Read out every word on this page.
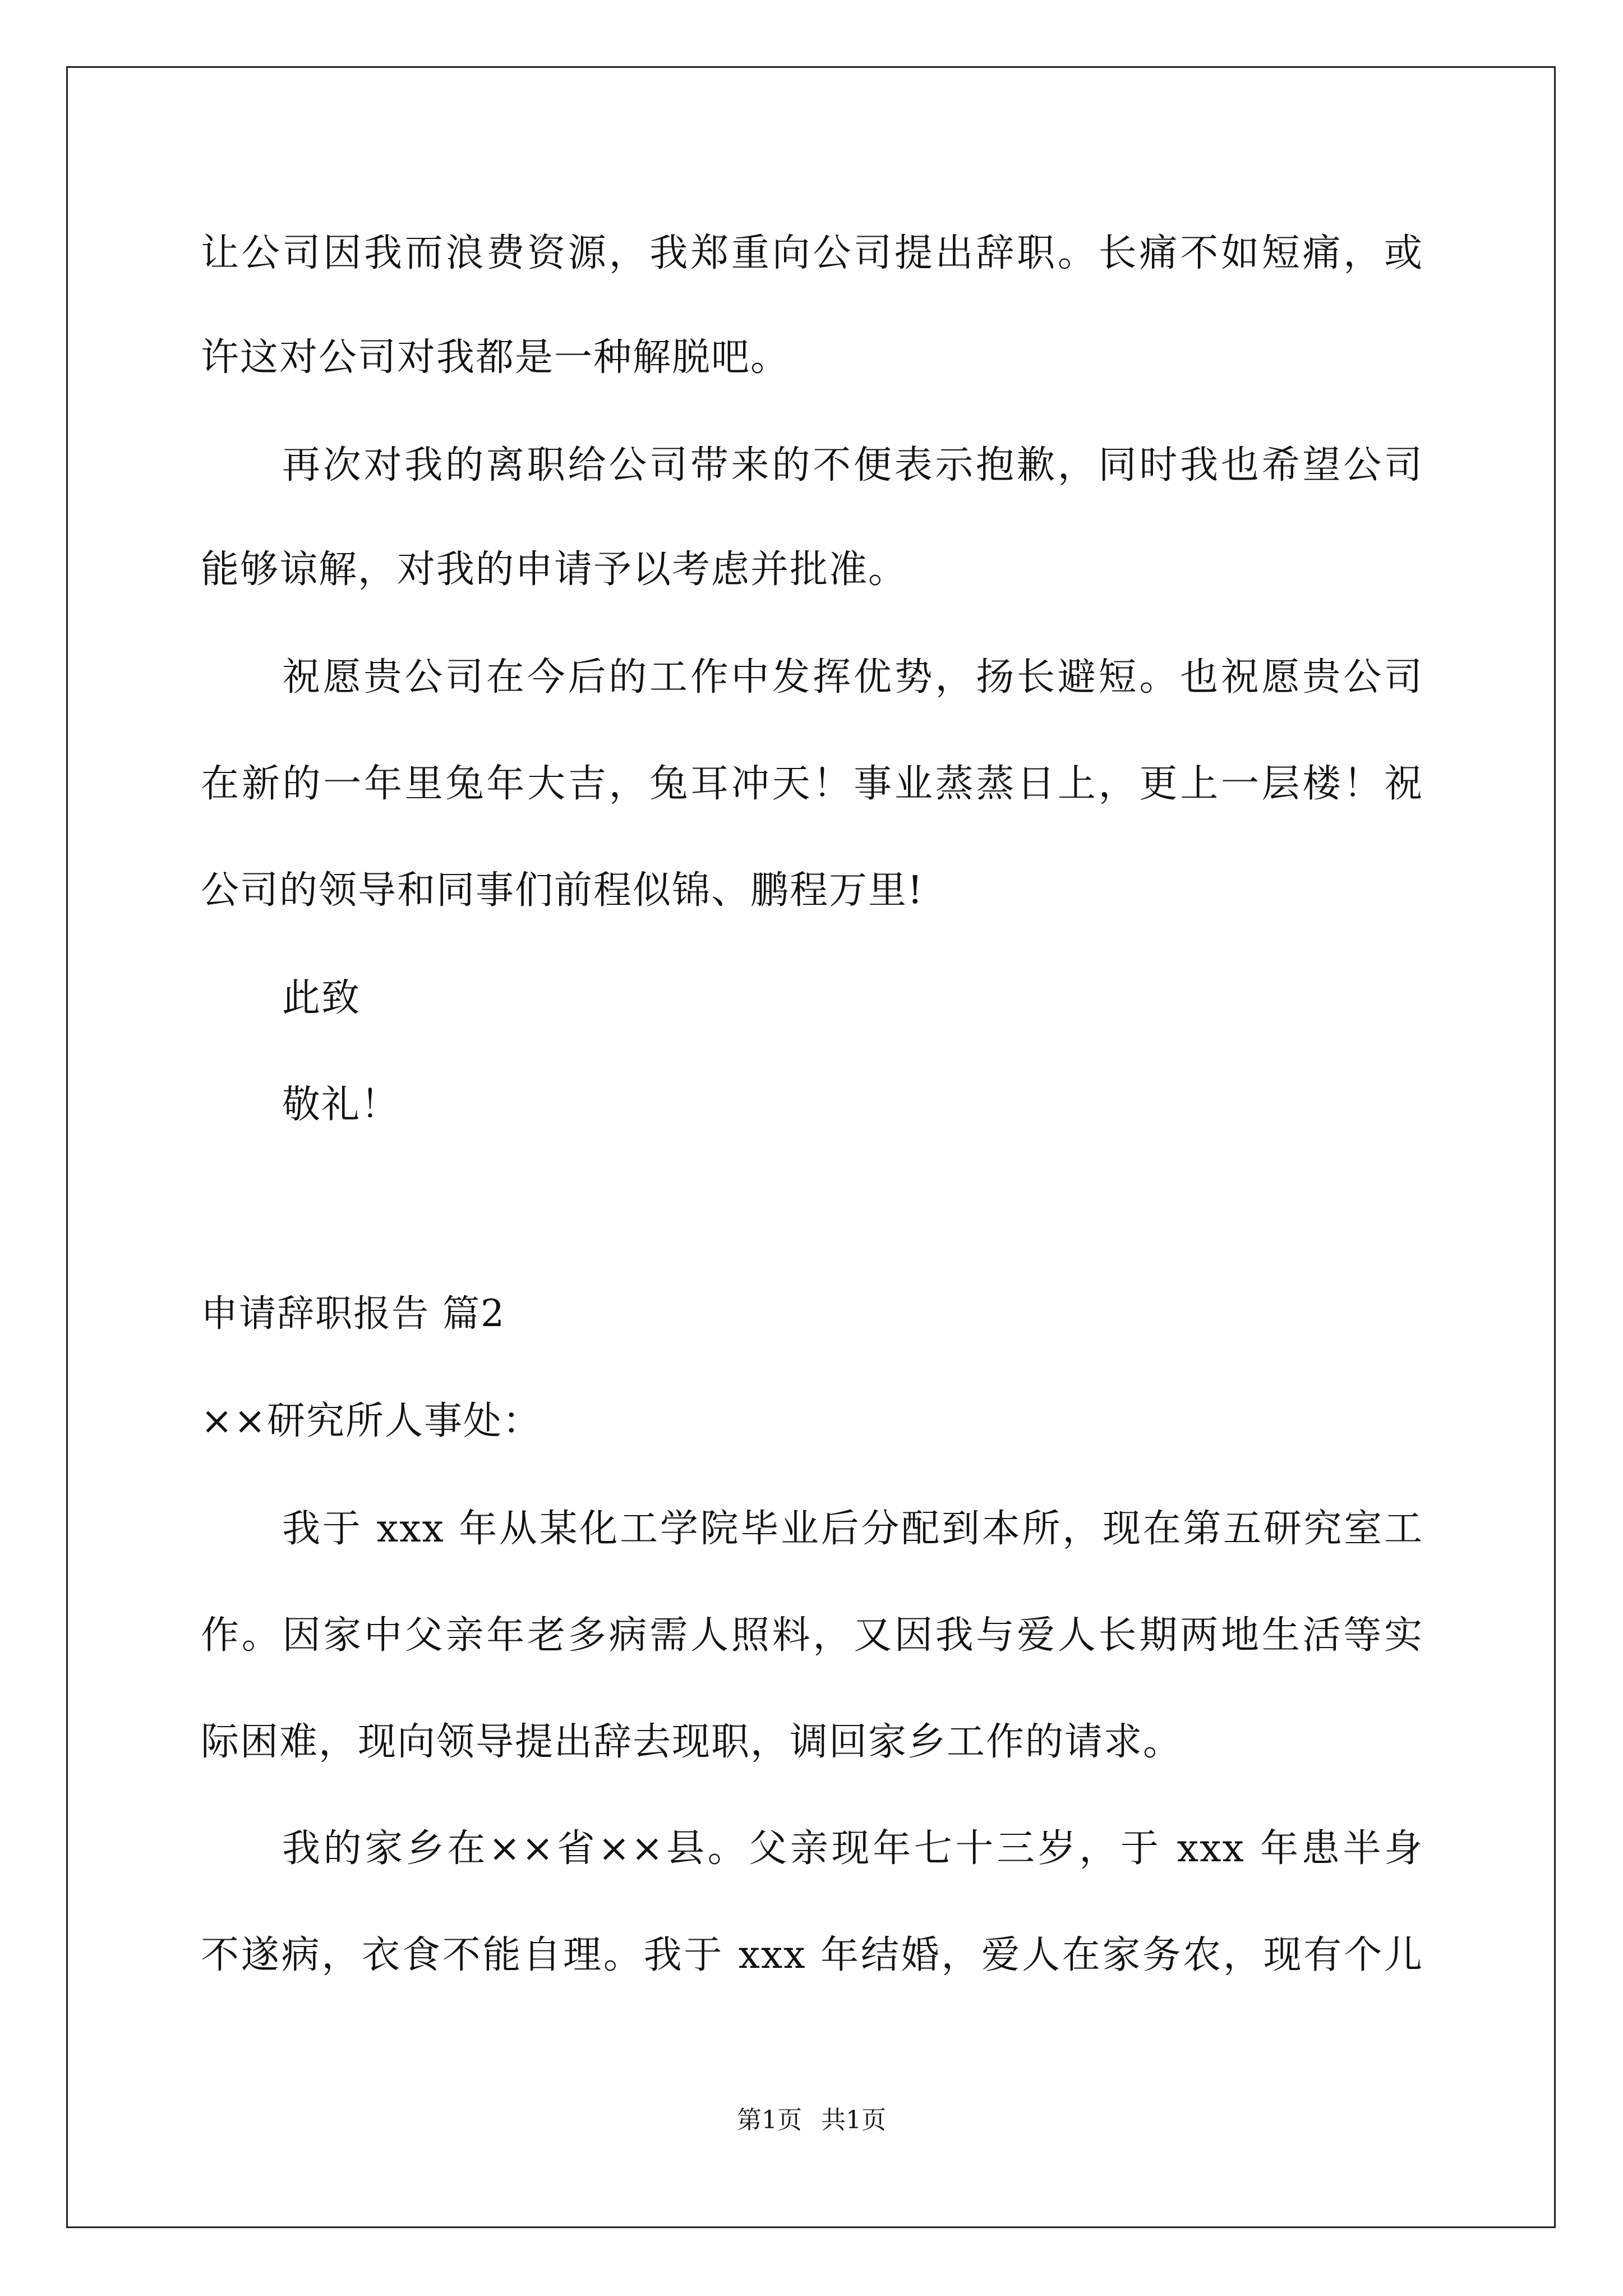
让公司因我而浪费资源，我郑重向公司提出辞职。长痛不如短痛，或
许这对公司对我都是一种解脱吧。
再次对我的离职给公司带来的不便表示抱歉，同时我也希望公司
能够谅解，对我的申请予以考虑并批准。
祝愿贵公司在今后的工作中发挥优势，扬长避短。也祝愿贵公司
在新的一年里兔年大吉，兔耳冲天！事业蒸蒸日上，更上一层楼！祝
公司的领导和同事们前程似锦、鹏程万里!
此致
敬礼！
申请辞职报告 篇2
××研究所人事处：
我于 xxx 年从某化工学院毕业后分配到本所，现在第五研究室工
作。因家中父亲年老多病需人照料，又因我与爱人长期两地生活等实
际困难，现向领导提出辞去现职，调回家乡工作的请求。
我的家乡在××省××县。父亲现年七十三岁，于 xxx 年患半身
不遂病，衣食不能自理。我于 xxx 年结婚，爱人在家务农，现有个儿
第1页 共1页
